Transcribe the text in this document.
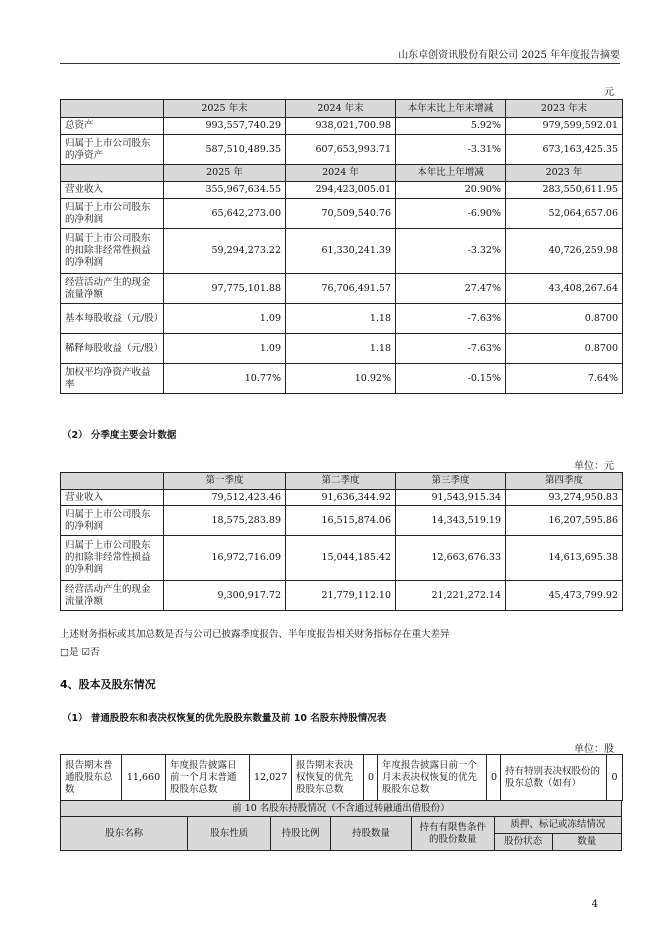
山东卓创资讯股份有限公司 2025 年年度报告摘要
元
	2025 年末	2024 年末	本年末比上年末增减	2023 年末
总资产	993,557,740.29	938,021,700.98	5.92%	979,599,592.01
归属于上市公司股东的净资产	587,510,489.35	607,653,993.71	-3.31%	673,163,425.35
	2025 年	2024 年	本年比上年增减	2023 年
营业收入	355,967,634.55	294,423,005.01	20.90%	283,550,611.95
归属于上市公司股东的净利润	65,642,273.00	70,509,540.76	-6.90%	52,064,657.06
归属于上市公司股东的扣除非经常性损益的净利润	59,294,273.22	61,330,241.39	-3.32%	40,726,259.98
经营活动产生的现金流量净额	97,775,101.88	76,706,491.57	27.47%	43,408,267.64
基本每股收益（元/股）	1.09	1.18	-7.63%	0.8700
稀释每股收益（元/股）	1.09	1.18	-7.63%	0.8700
加权平均净资产收益率	10.77%	10.92%	-0.15%	7.64%
（2） 分季度主要会计数据
单位：元
	第一季度	第二季度	第三季度	第四季度
营业收入	79,512,423.46	91,636,344.92	91,543,915.34	93,274,950.83
归属于上市公司股东的净利润	18,575,283.89	16,515,874.06	14,343,519.19	16,207,595.86
归属于上市公司股东的扣除非经常性损益的净利润	16,972,716.09	15,044,185.42	12,663,676.33	14,613,695.38
经营活动产生的现金流量净额	9,300,917.72	21,779,112.10	21,221,272.14	45,473,799.92
上述财务指标或其加总数是否与公司已披露季度报告、半年度报告相关财务指标存在重大差异
□是 ☑否
4、股本及股东情况
（1） 普通股股东和表决权恢复的优先股股东数量及前 10 名股东持股情况表
单位：股
报告期末普通股股东总数	11,660	年度报告披露日前一个月末普通股股东总数	12,027	报告期末表决权恢复的优先股股东总数	0	年度报告披露日前一个月末表决权恢复的优先股股东总数	0	持有特别表决权股份的股东总数（如有）	0
前 10 名股东持股情况（不含通过转融通出借股份）						
股东名称	股东性质	持股比例	持股数量	持有有限售条件的股份数量	质押、标记或冻结情况	
					股份状态	数量
4
